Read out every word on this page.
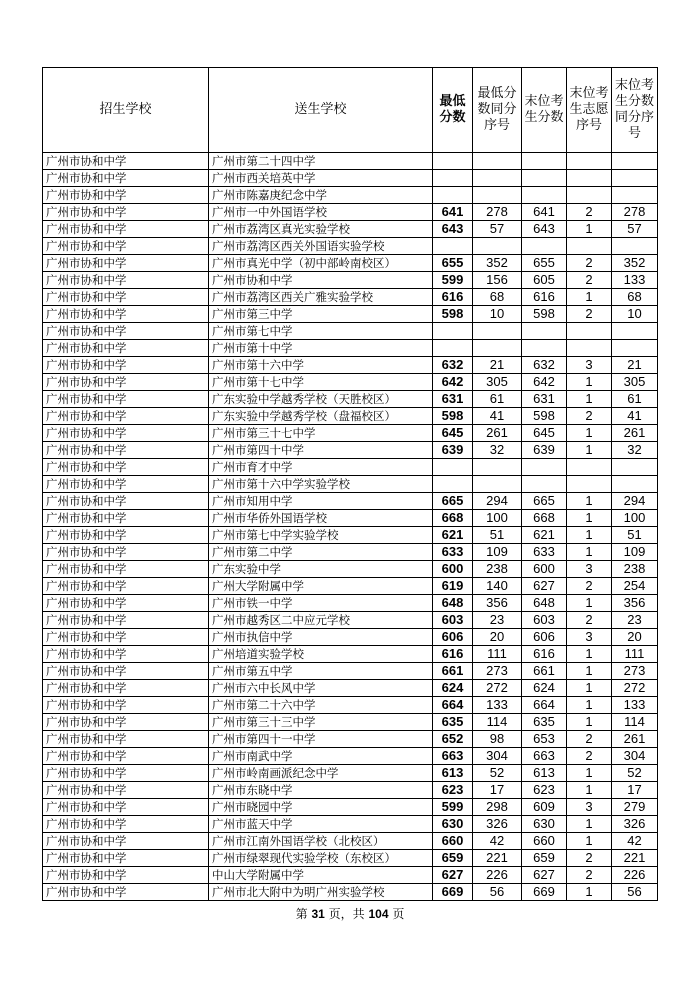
招生学校	送生学校	最低分数	最低分数同分序号	末位考生分数	末位考生志愿序号	末位考生分数同分序号
广州市协和中学	广州市第二十四中学					
广州市协和中学	广州市西关培英中学					
广州市协和中学	广州市陈嘉庚纪念中学					
广州市协和中学	广州市一中外国语学校	641	278	641	2	278
广州市协和中学	广州市荔湾区真光实验学校	643	57	643	1	57
广州市协和中学	广州市荔湾区西关外国语实验学校					
广州市协和中学	广州市真光中学（初中部岭南校区）	655	352	655	2	352
广州市协和中学	广州市协和中学	599	156	605	2	133
广州市协和中学	广州市荔湾区西关广雅实验学校	616	68	616	1	68
广州市协和中学	广州市第三中学	598	10	598	2	10
广州市协和中学	广州市第七中学					
广州市协和中学	广州市第十中学					
广州市协和中学	广州市第十六中学	632	21	632	3	21
广州市协和中学	广州市第十七中学	642	305	642	1	305
广州市协和中学	广东实验中学越秀学校（天胜校区）	631	61	631	1	61
广州市协和中学	广东实验中学越秀学校（盘福校区）	598	41	598	2	41
广州市协和中学	广州市第三十七中学	645	261	645	1	261
广州市协和中学	广州市第四十中学	639	32	639	1	32
广州市协和中学	广州市育才中学					
广州市协和中学	广州市第十六中学实验学校					
广州市协和中学	广州市知用中学	665	294	665	1	294
广州市协和中学	广州市华侨外国语学校	668	100	668	1	100
广州市协和中学	广州市第七中学实验学校	621	51	621	1	51
广州市协和中学	广州市第二中学	633	109	633	1	109
广州市协和中学	广东实验中学	600	238	600	3	238
广州市协和中学	广州大学附属中学	619	140	627	2	254
广州市协和中学	广州市铁一中学	648	356	648	1	356
广州市协和中学	广州市越秀区二中应元学校	603	23	603	2	23
广州市协和中学	广州市执信中学	606	20	606	3	20
广州市协和中学	广州培道实验学校	616	111	616	1	111
广州市协和中学	广州市第五中学	661	273	661	1	273
广州市协和中学	广州市六中长风中学	624	272	624	1	272
广州市协和中学	广州市第二十六中学	664	133	664	1	133
广州市协和中学	广州市第三十三中学	635	114	635	1	114
广州市协和中学	广州市第四十一中学	652	98	653	2	261
广州市协和中学	广州市南武中学	663	304	663	2	304
广州市协和中学	广州市岭南画派纪念中学	613	52	613	1	52
广州市协和中学	广州市东晓中学	623	17	623	1	17
广州市协和中学	广州市晓园中学	599	298	609	3	279
广州市协和中学	广州市蓝天中学	630	326	630	1	326
广州市协和中学	广州市江南外国语学校（北校区）	660	42	660	1	42
广州市协和中学	广州市绿翠现代实验学校（东校区）	659	221	659	2	221
广州市协和中学	中山大学附属中学	627	226	627	2	226
广州市协和中学	广州市北大附中为明广州实验学校	669	56	669	1	56
第 31 页，共 104 页
